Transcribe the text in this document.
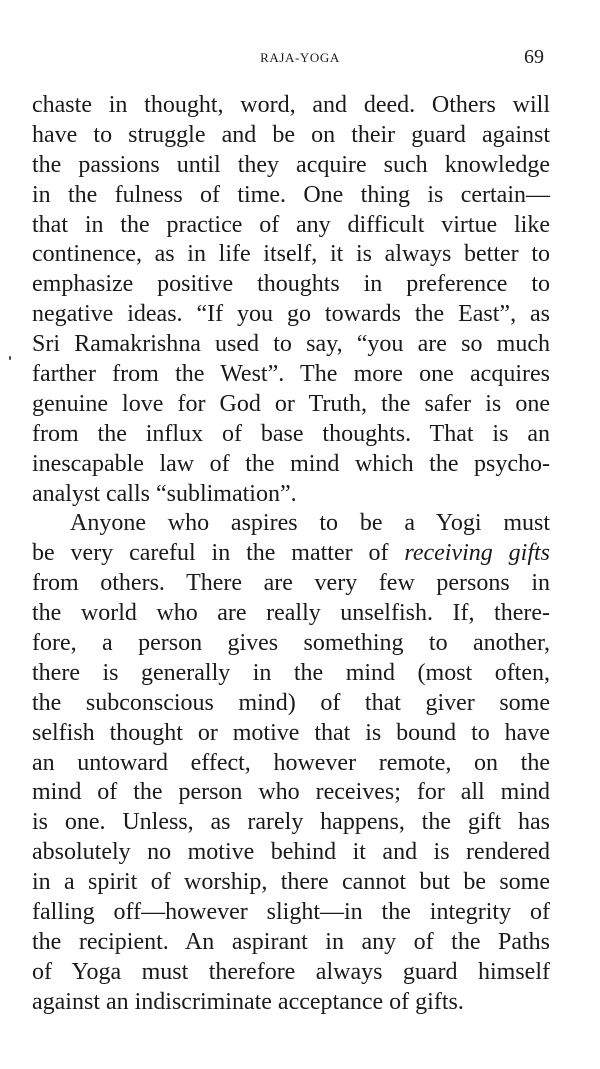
RAJA-YOGA	69
chaste in thought, word, and deed. Others will
have to struggle and be on their guard against
the passions until they acquire such knowledge
in the fulness of time. One thing is certain—
that in the practice of any difficult virtue like
continence, as in life itself, it is always better to
emphasize positive thoughts in preference to
negative ideas. “If you go towards the East”, as
Sri Ramakrishna used to say, “you are so much
farther from the West”. The more one acquires
genuine love for God or Truth, the safer is one
from the influx of base thoughts. That is an
inescapable law of the mind which the psycho-
analyst calls “sublimation”.
Anyone who aspires to be a Yogi must
be very careful in the matter of receiving gifts
from others. There are very few persons in
the world who are really unselfish. If, there-
fore, a person gives something to another,
there is generally in the mind (most often,
the subconscious mind) of that giver some
selfish thought or motive that is bound to have
an untoward effect, however remote, on the
mind of the person who receives; for all mind
is one. Unless, as rarely happens, the gift has
absolutely no motive behind it and is rendered
in a spirit of worship, there cannot but be some
falling off—however slight—in the integrity of
the recipient. An aspirant in any of the Paths
of Yoga must therefore always guard himself
against an indiscriminate acceptance of gifts.
